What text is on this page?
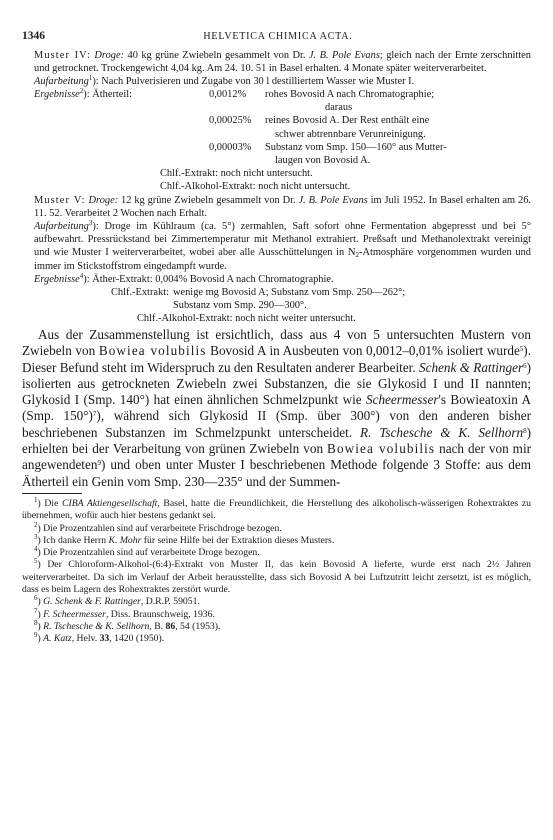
1346	HELVETICA CHIMICA ACTA.
Muster IV: Droge: 40 kg grüne Zwiebeln gesammelt von Dr. J. B. Pole Evans; gleich nach der Ernte zerschnitten und getrocknet. Trockengewicht 4,04 kg. Am 24. 10. 51 in Basel erhalten. 4 Monate später weiterverarbeitet.
Aufarbeitung$^1$): Nach Pulverisieren und Zugabe von 30 l destilliertem Wasser wie Muster I.
Ergebnisse$^2$): Ätherteil:	0,0012%	rohes Bovosid A nach Chromatographie;
daraus
0,00025%	reines Bovosid A. Der Rest enthält eine
schwer abtrennbare Verunreinigung.
0,00003%	Substanz vom Smp. 150—160° aus Mutter-
laugen von Bovosid A.
Chlf.-Extrakt: noch nicht untersucht.
Chlf.-Alkohol-Extrakt: noch nicht untersucht.
Muster V: Droge: 12 kg grüne Zwiebeln gesammelt von Dr. J. B. Pole Evans im Juli 1952. In Basel erhalten am 26. 11. 52. Verarbeitet 2 Wochen nach Erhalt.
Aufarbeitung$^3$): Droge im Kühlraum (ca. 5°) zermahlen, Saft sofort ohne Fermentation abgepresst und bei 5° aufbewahrt. Pressrückstand bei Zimmertemperatur mit Methanol extrahiert. Preßsaft und Methanolextrakt vereinigt und wie Muster I weiterverarbeitet, wobei aber alle Ausschüttelungen in $N_2$-Atmosphäre vorgenommen wurden und immer im Stickstoffstrom eingedampft wurde.
Ergebnisse$^4$): Äther-Extrakt: 0,004% Bovosid A nach Chromatographie.
Chlf.-Extrakt: wenige mg Bovosid A; Substanz vom Smp. 250—262°;
Substanz vom Smp. 290—300°.
Chlf.-Alkohol-Extrakt: noch nicht weiter untersucht.
Aus der Zusammenstellung ist ersichtlich, dass aus 4 von 5 untersuchten Mustern von Zwiebeln von Bowiea volubilis Bovosid A in Ausbeuten von 0,0012–0,01% isoliert wurde$^5$). Dieser Befund steht im Widerspruch zu den Resultaten anderer Bearbeiter. Schenk & Rattinger$^6$) isolierten aus getrockneten Zwiebeln zwei Substanzen, die sie Glykosid I und II nannten; Glykosid I (Smp. 140°) hat einen ähnlichen Schmelzpunkt wie Scheermesser's Bowieatoxin A (Smp. 150°)$^7$), während sich Glykosid II (Smp. über 300°) von den anderen bisher beschriebenen Substanzen im Schmelzpunkt unterscheidet. R. Tschesche & K. Sellhorn$^8$) erhielten bei der Verarbeitung von grünen Zwiebeln von Bowiea volubilis nach der von mir angewendeten$^9$) und oben unter Muster I beschriebenen Methode folgende 3 Stoffe: aus dem Ätherteil ein Genin vom Smp. 230—235° und der Summen-
$^1$) Die CIBA Aktiengesellschaft, Basel, hatte die Freundlichkeit, die Herstellung des alkoholisch-wässerigen Rohextraktes zu übernehmen, wofür auch hier bestens gedankt sei.
$^2$) Die Prozentzahlen sind auf verarbeitete Frischdroge bezogen.
$^3$) Ich danke Herrn K. Mohr für seine Hilfe bei der Extraktion dieses Musters.
$^4$) Die Prozentzahlen sind auf verarbeitete Droge bezogen.
$^5$) Der Chloroform-Alkohol-(6:4)-Extrakt von Muster II, das kein Bovosid A lieferte, wurde erst nach 2½ Jahren weiterverarbeitet. Da sich im Verlauf der Arbeit herausstellte, dass sich Bovosid A bei Luftzutritt leicht zersetzt, ist es möglich, dass es beim Lagern des Rohextraktes zerstört wurde.
$^6$) G. Schenk & F. Rattinger, D.R.P. 59051.
$^7$) F. Scheermesser, Diss. Braunschweig, 1936.
$^8$) R. Tschesche & K. Sellhorn, B. 86, 54 (1953).
$^9$) A. Katz, Helv. 33, 1420 (1950).
